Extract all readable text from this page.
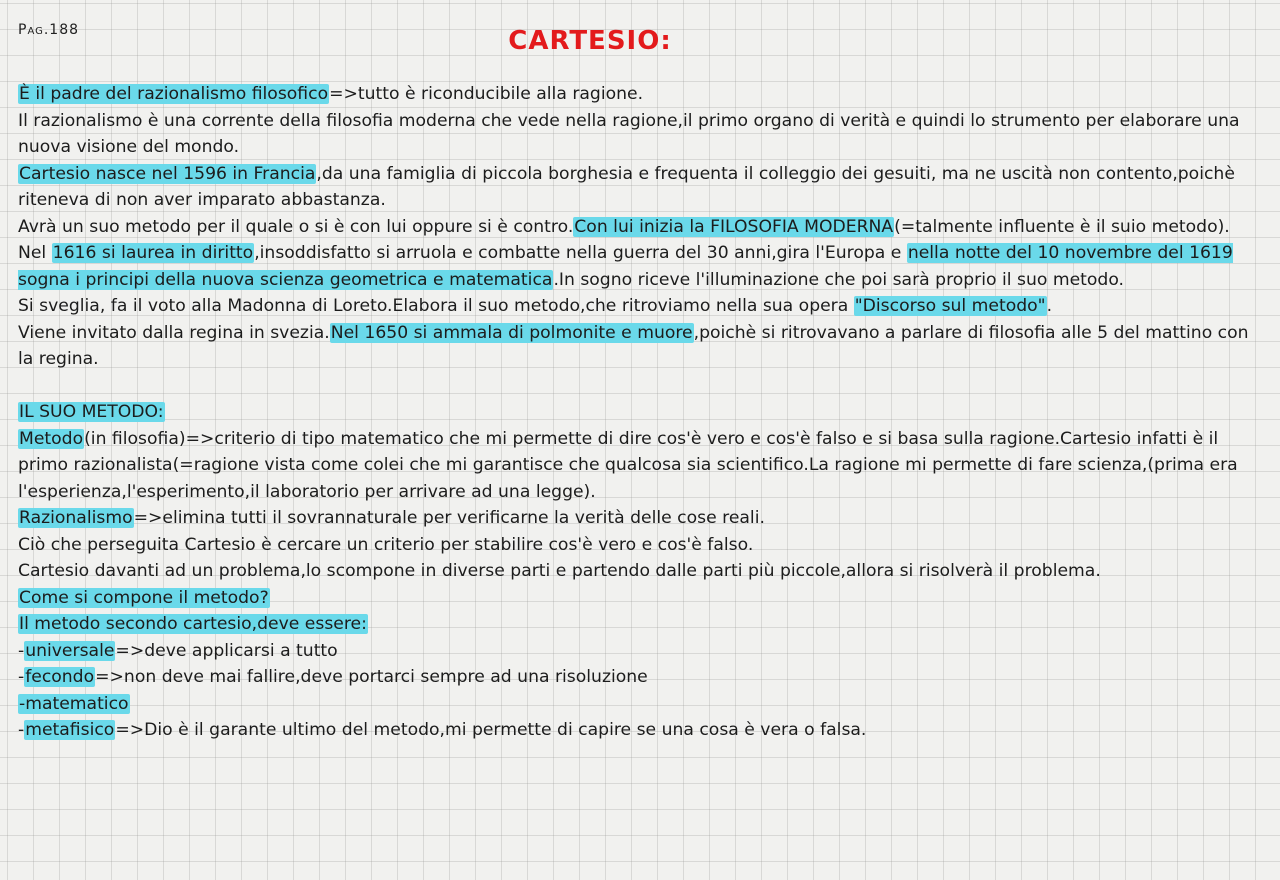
Pag.188	CARTESIO:

È il padre del razionalismo filosofico=>tutto è riconducibile alla ragione.

Il razionalismo è una corrente della filosofia moderna che vede nella ragione,il primo organo di verità e quindi lo strumento per elaborare una nuova visione del mondo.

Cartesio nasce nel 1596 in Francia,da una famiglia di piccola borghesia e frequenta il colleggio dei gesuiti, ma ne uscità non contento,poichè riteneva di non aver imparato abbastanza.

Avrà un suo metodo per il quale o si è con lui oppure si è contro.Con lui inizia la FILOSOFIA MODERNA(=talmente influente è il suio metodo).

Nel 1616 si laurea in diritto,insoddisfatto si arruola e combatte nella guerra del 30 anni,gira l'Europa e nella notte del 10 novembre del 1619 sogna i principi della nuova scienza geometrica e matematica.In sogno riceve l'illuminazione che poi sarà proprio il suo metodo.

Si sveglia, fa il voto alla Madonna di Loreto.Elabora il suo metodo,che ritroviamo nella sua opera "Discorso sul metodo".

Viene invitato dalla regina in svezia.Nel 1650 si ammala di polmonite e muore,poichè si ritrovavano a parlare di filosofia alle 5 del mattino con la regina.

IL SUO METODO:

Metodo(in filosofia)=>criterio di tipo matematico che mi permette di dire cos'è vero e cos'è falso e si basa sulla ragione.Cartesio infatti è il primo razionalista(=ragione vista come colei che mi garantisce che qualcosa sia scientifico.La ragione mi permette di fare scienza,(prima era l'esperienza,l'esperimento,il laboratorio per arrivare ad una legge).

Razionalismo=>elimina tutti il sovrannaturale per verificarne la verità delle cose reali.

Ciò che perseguita Cartesio è cercare un criterio per stabilire cos'è vero e cos'è falso.

Cartesio davanti ad un problema,lo scompone in diverse parti e partendo dalle parti più piccole,allora si risolverà il problema.

Come si compone il metodo?

Il metodo secondo cartesio,deve essere:

-universale=>deve applicarsi a tutto

-fecondo=>non deve mai fallire,deve portarci sempre ad una risoluzione

-matematico

-metafisico=>Dio è il garante ultimo del metodo,mi permette di capire se una cosa è vera o falsa.
